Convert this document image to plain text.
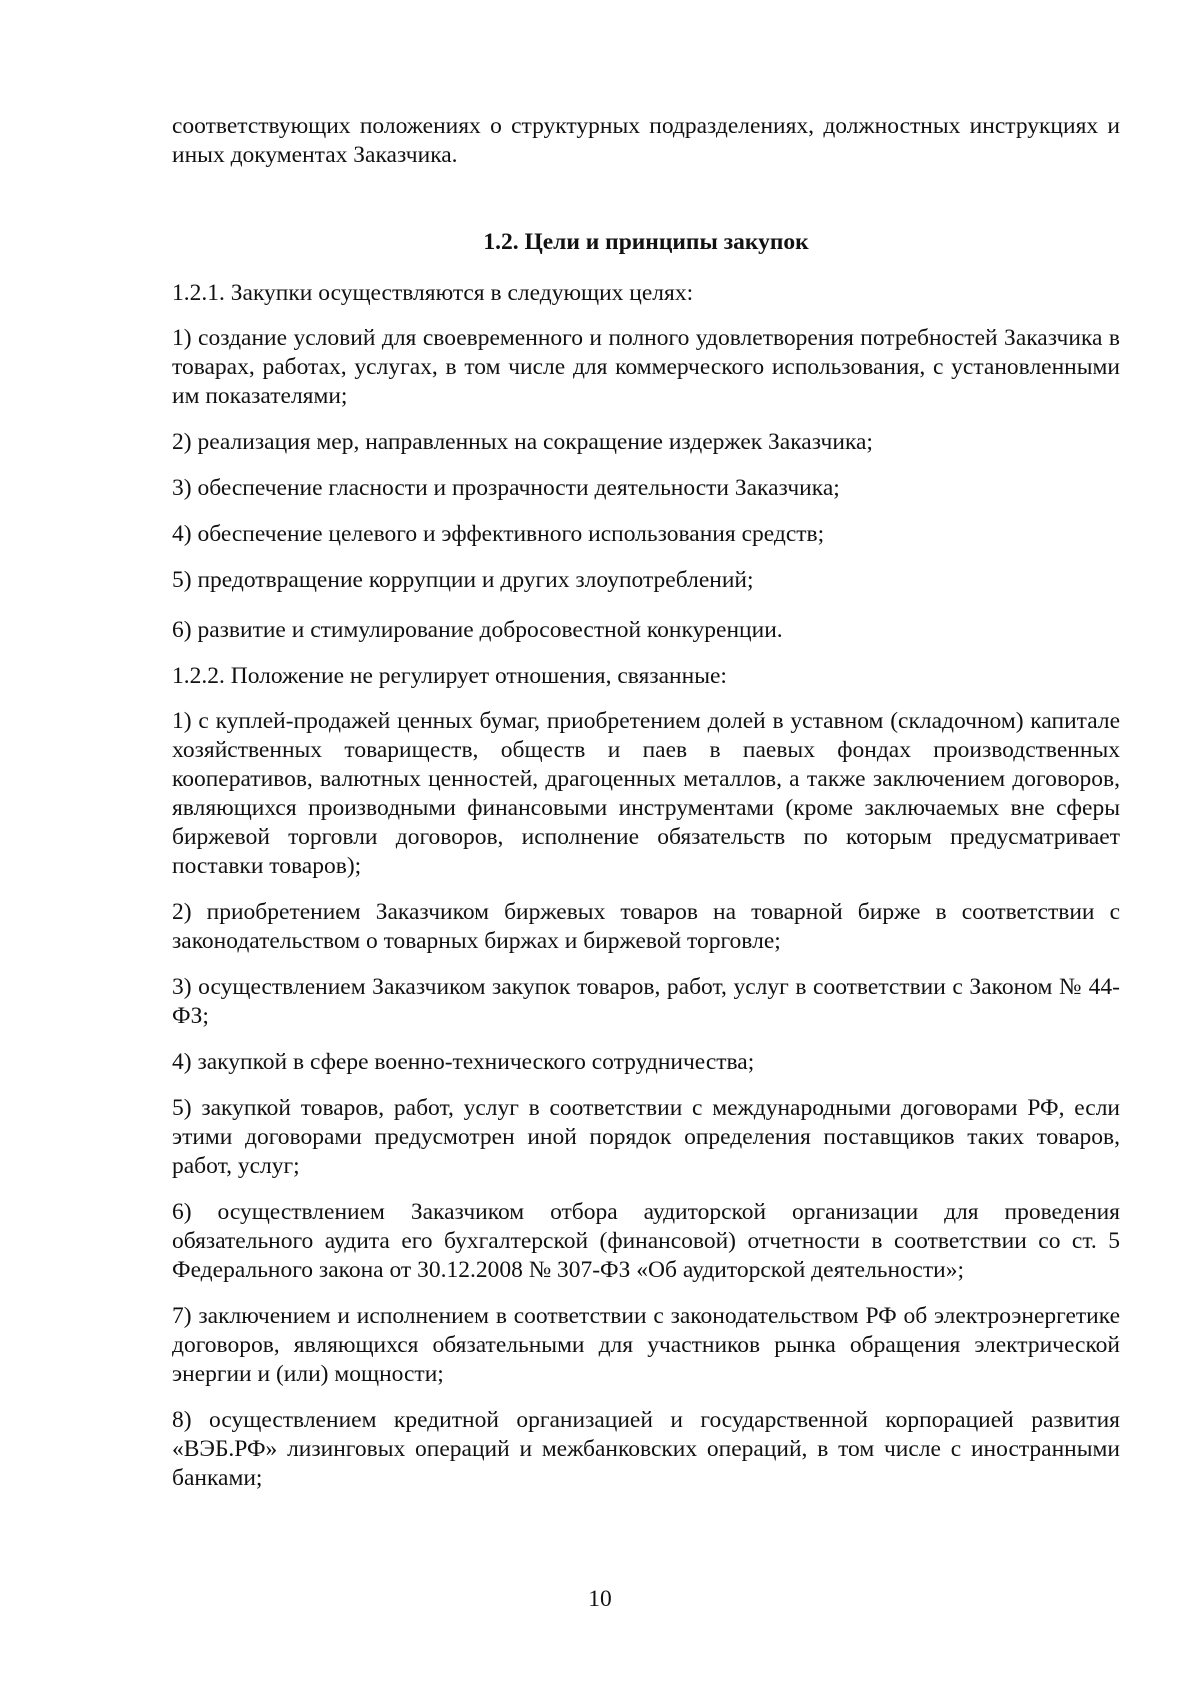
соответствующих положениях о структурных подразделениях, должностных инструкциях и иных документах Заказчика.

1.2. Цели и принципы закупок

1.2.1. Закупки осуществляются в следующих целях:

1) создание условий для своевременного и полного удовлетворения потребностей Заказчика в товарах, работах, услугах, в том числе для коммерческого использования, с установленными им показателями;

2) реализация мер, направленных на сокращение издержек Заказчика;

3) обеспечение гласности и прозрачности деятельности Заказчика;

4) обеспечение целевого и эффективного использования средств;

5) предотвращение коррупции и других злоупотреблений;

6) развитие и стимулирование добросовестной конкуренции.

1.2.2. Положение не регулирует отношения, связанные:

1) с куплей-продажей ценных бумаг, приобретением долей в уставном (складочном) капитале хозяйственных товариществ, обществ и паев в паевых фондах производственных кооперативов, валютных ценностей, драгоценных металлов, а также заключением договоров, являющихся производными финансовыми инструментами (кроме заключаемых вне сферы биржевой торговли договоров, исполнение обязательств по которым предусматривает поставки товаров);

2) приобретением Заказчиком биржевых товаров на товарной бирже в соответствии с законодательством о товарных биржах и биржевой торговле;

3) осуществлением Заказчиком закупок товаров, работ, услуг в соответствии с Законом № 44-ФЗ;

4) закупкой в сфере военно-технического сотрудничества;

5) закупкой товаров, работ, услуг в соответствии с международными договорами РФ, если этими договорами предусмотрен иной порядок определения поставщиков таких товаров, работ, услуг;

6) осуществлением Заказчиком отбора аудиторской организации для проведения обязательного аудита его бухгалтерской (финансовой) отчетности в соответствии со ст. 5 Федерального закона от 30.12.2008 № 307-ФЗ «Об аудиторской деятельности»;

7) заключением и исполнением в соответствии с законодательством РФ об электроэнергетике договоров, являющихся обязательными для участников рынка обращения электрической энергии и (или) мощности;

8) осуществлением кредитной организацией и государственной корпорацией развития «ВЭБ.РФ» лизинговых операций и межбанковских операций, в том числе с иностранными банками;

10
